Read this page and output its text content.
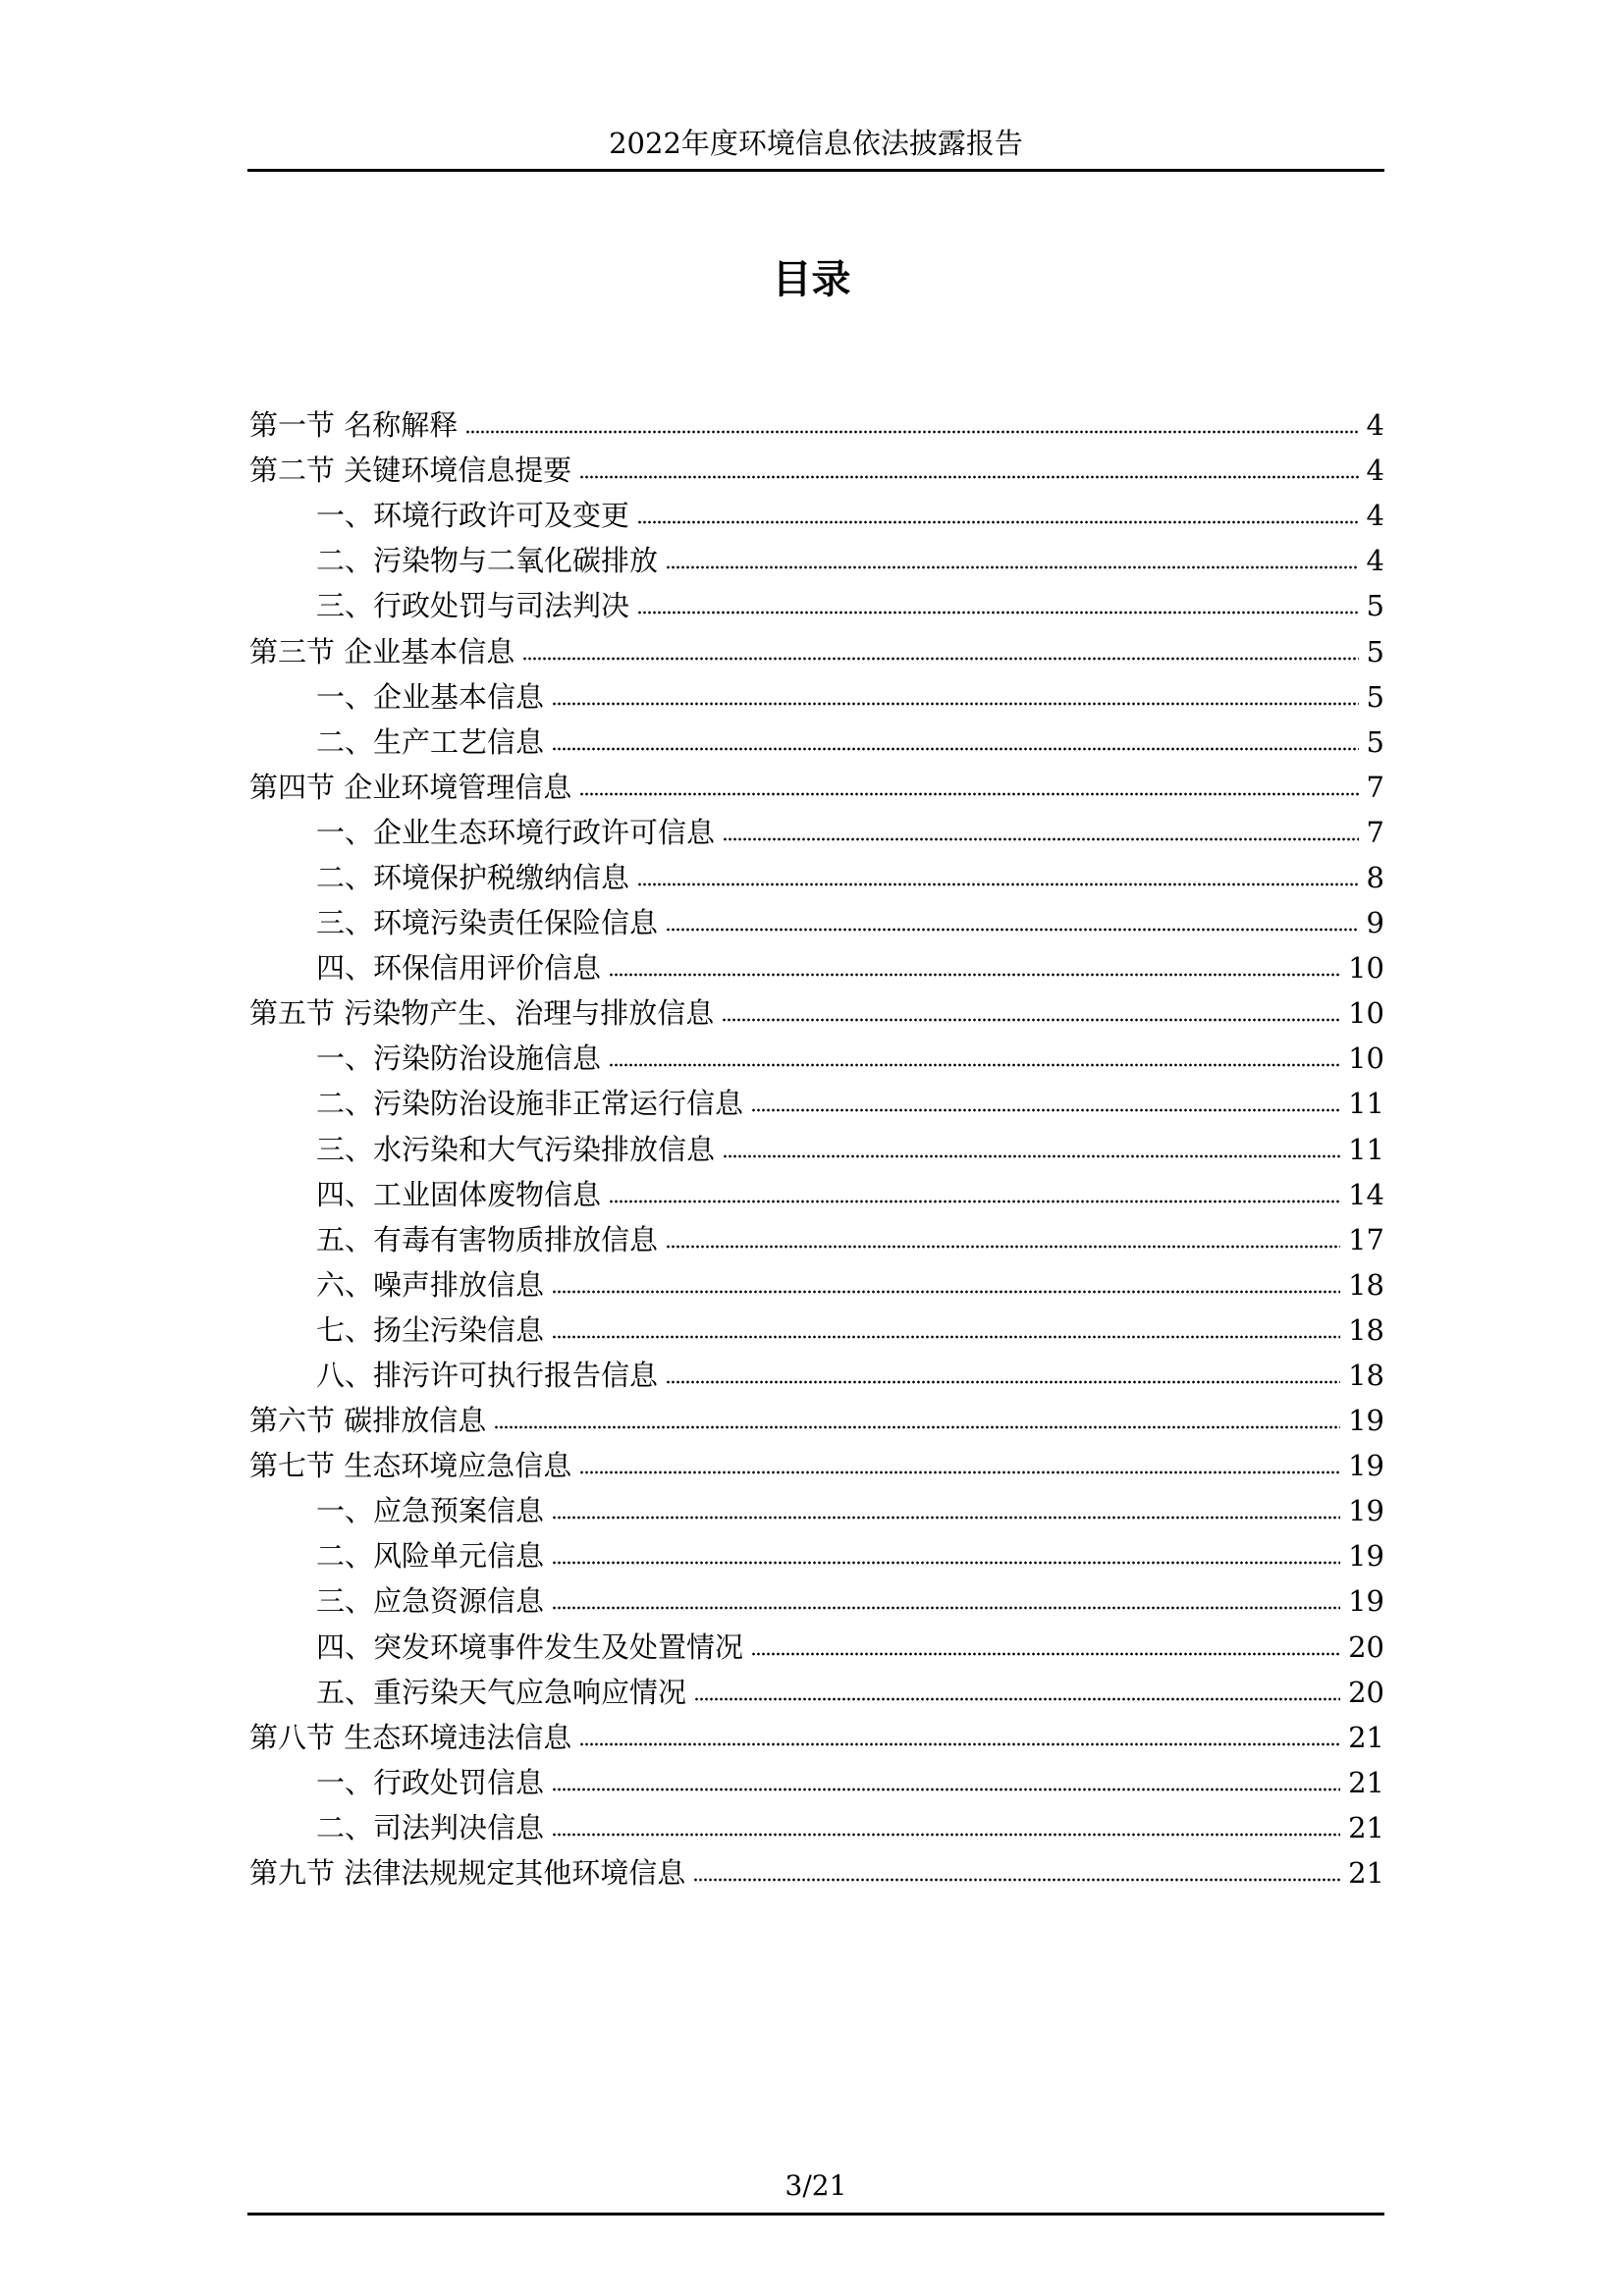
2022年度环境信息依法披露报告
目录
第一节 名称解释	4
第二节 关键环境信息提要	4
一、环境行政许可及变更	4
二、污染物与二氧化碳排放	4
三、行政处罚与司法判决	5
第三节 企业基本信息	5
一、企业基本信息	5
二、生产工艺信息	5
第四节 企业环境管理信息	7
一、企业生态环境行政许可信息	7
二、环境保护税缴纳信息	8
三、环境污染责任保险信息	9
四、环保信用评价信息	10
第五节 污染物产生、治理与排放信息	10
一、污染防治设施信息	10
二、污染防治设施非正常运行信息	11
三、水污染和大气污染排放信息	11
四、工业固体废物信息	14
五、有毒有害物质排放信息	17
六、噪声排放信息	18
七、扬尘污染信息	18
八、排污许可执行报告信息	18
第六节 碳排放信息	19
第七节 生态环境应急信息	19
一、应急预案信息	19
二、风险单元信息	19
三、应急资源信息	19
四、突发环境事件发生及处置情况	20
五、重污染天气应急响应情况	20
第八节 生态环境违法信息	21
一、行政处罚信息	21
二、司法判决信息	21
第九节 法律法规规定其他环境信息	21
3/21
